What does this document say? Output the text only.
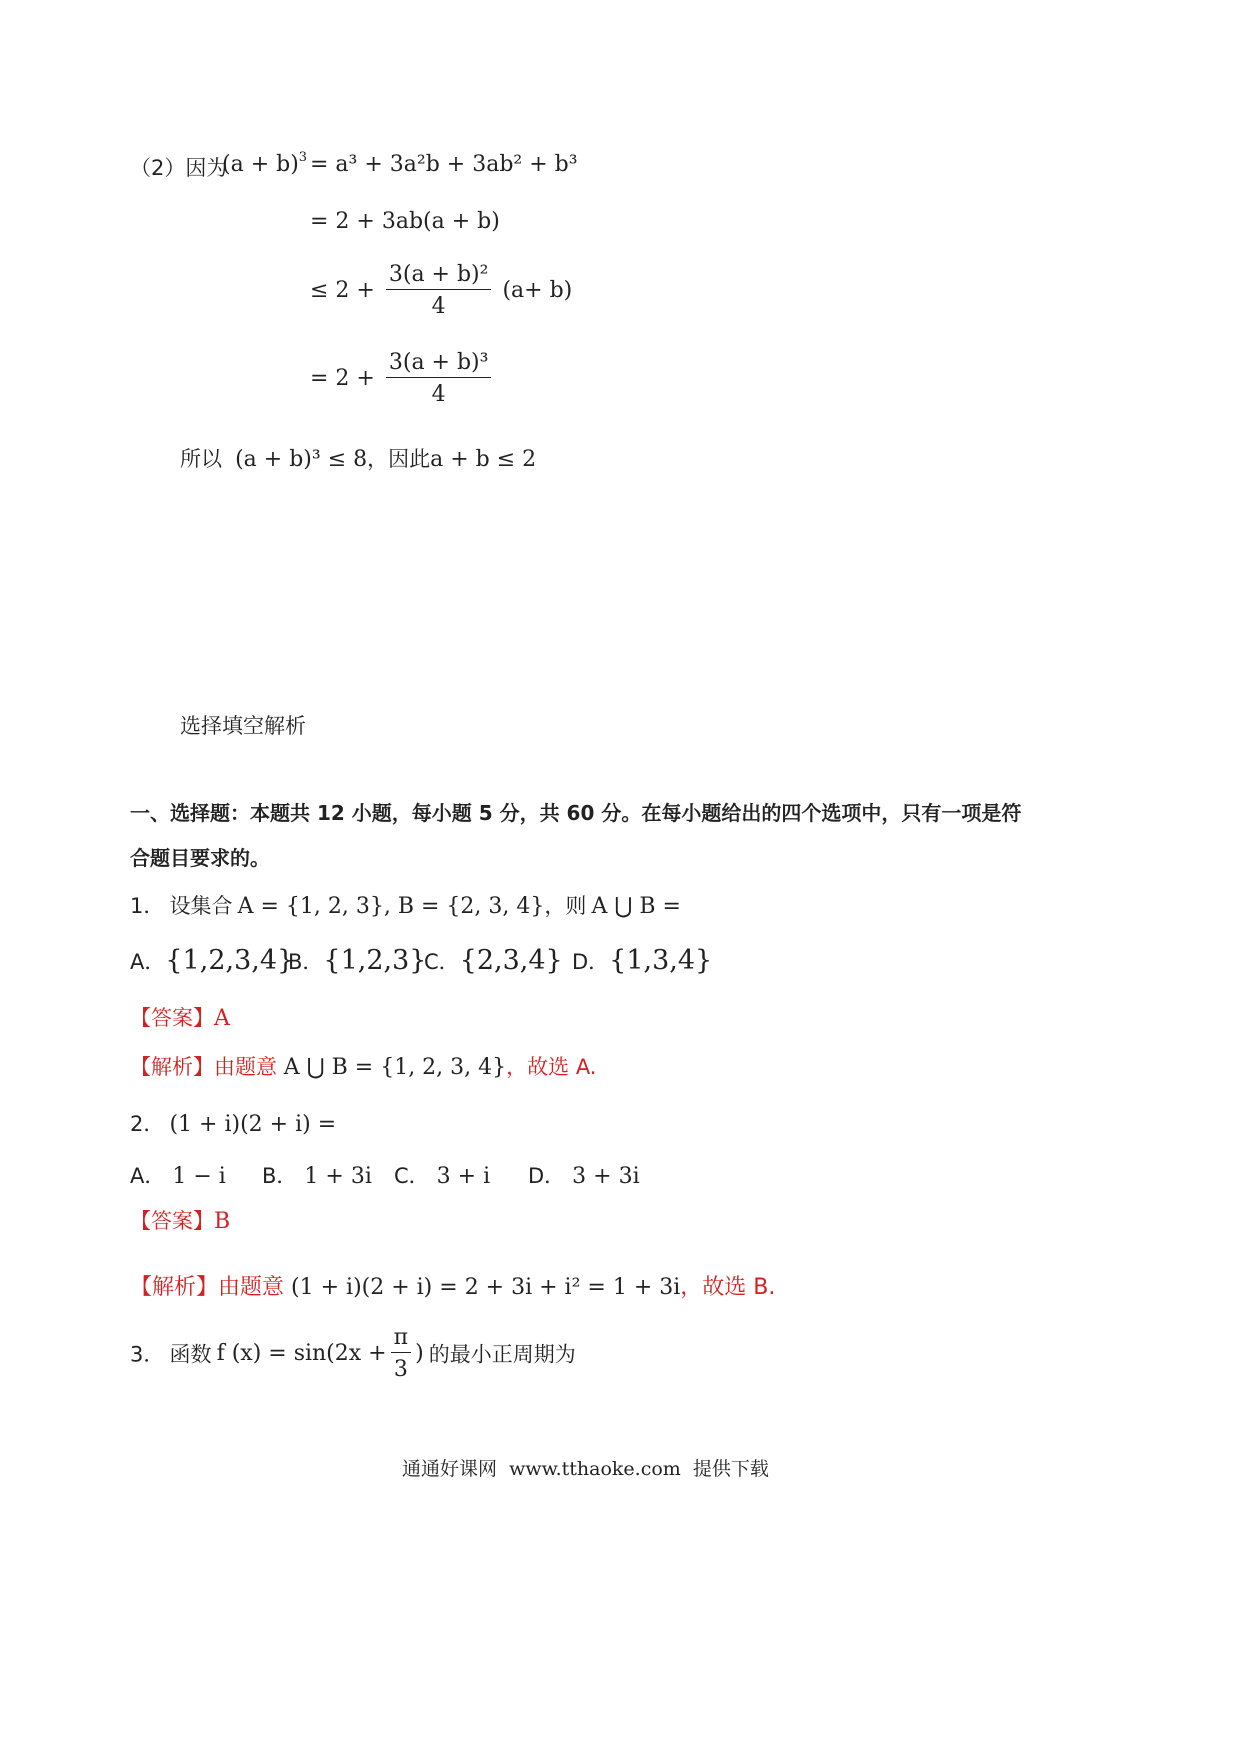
（2）因为
$(a + b)^3 = a^3 + 3a^2b + 3ab^2 + b^3$
= 2 + 3ab(a + b)
≤ $2 + \frac{\text{3(a + b)²}}{4} (a+ b)$
= $2 + \frac{\text{3(a + b)³}}{4}$
所以 (a + b)³ ≤ 8，因此a + b ≤ 2
选择填空解析
一、选择题：本题共 12 小题，每小题 5 分，共 60 分。在每小题给出的四个选项中，只有一项是符
合题目要求的。
1． 设集合 A = {1, 2, 3}, B = {2, 3, 4}，则 A ⋃ B =
A．{1,2,3,4}
B．{1,2,3}
C．{2,3,4} D．{1,3,4}
【答案】A
【解析】由题意 A ⋃ B = {1, 2, 3, 4}，故选 A.
2． (1 + i)(2 + i) =
A． 1 − i B． 1 + 3i C． 3 + i D． 3 + 3i
【答案】B
【解析】由题意 (1 + i)(2 + i) = 2 + 3i + i² = 1 + 3i，故选 B.
3． 函数 f $(x) = \sin(2x + \frac{\pi}{3}$ ) 的最小正周期为
通通好课网 www.tthaoke.com 提供下载
